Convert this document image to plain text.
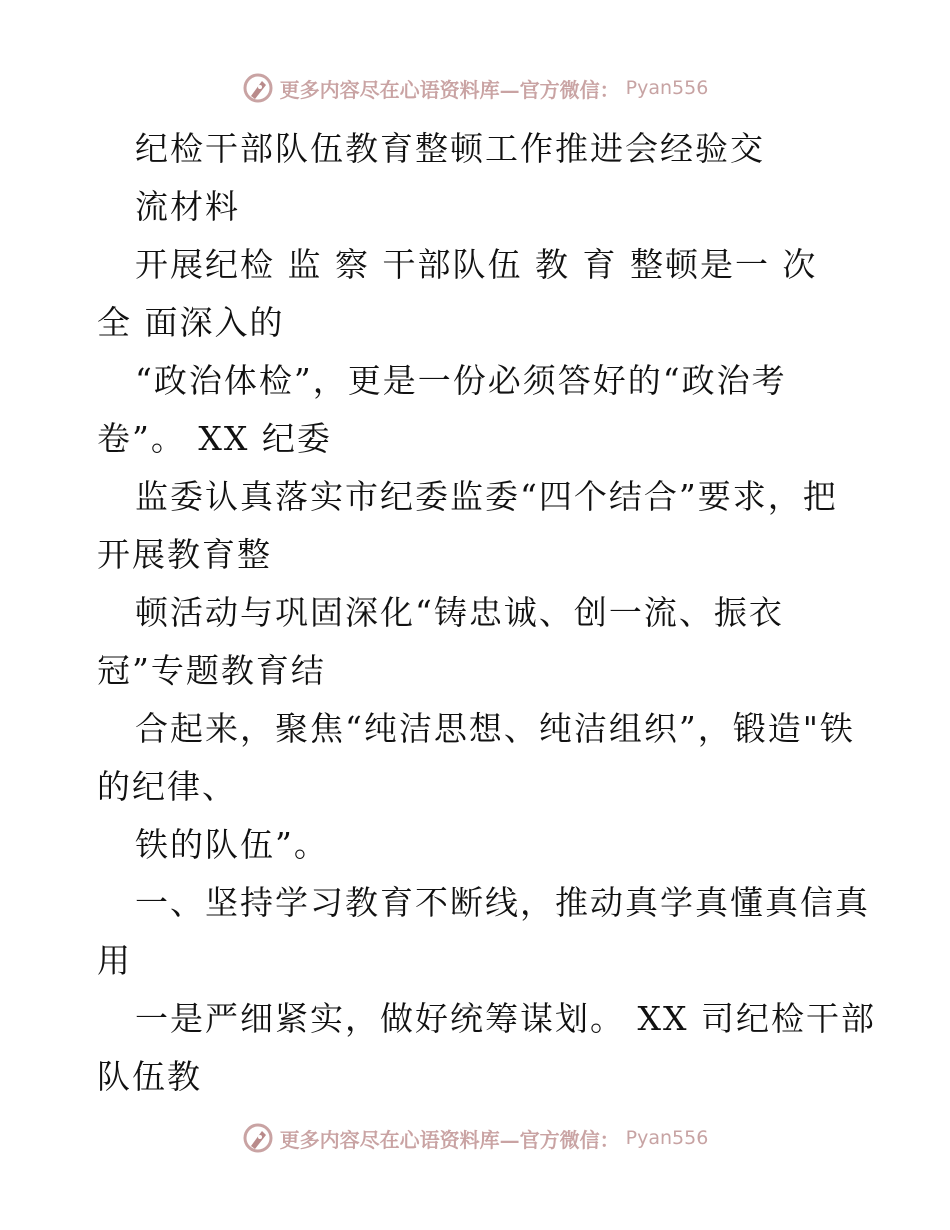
更多内容尽在心语资料库—官方微信： Pyan556
纪检干部队伍教育整顿工作推进会经验交
流材料
开展纪检 监 察 干部队伍 教 育 整顿是一 次
全 面深入的
“政治体检”，更是一份必须答好的“政治考
卷”。 XX 纪委
监委认真落实市纪委监委“四个结合”要求，把
开展教育整
顿活动与巩固深化“铸忠诚、创一流、振衣
冠”专题教育结
合起来，聚焦“纯洁思想、纯洁组织”，锻造"铁
的纪律、
铁的队伍”。
一、坚持学习教育不断线，推动真学真懂真信真
用
一是严细紧实，做好统筹谋划。 XX 司纪检干部
队伍教
更多内容尽在心语资料库—官方微信： Pyan556
